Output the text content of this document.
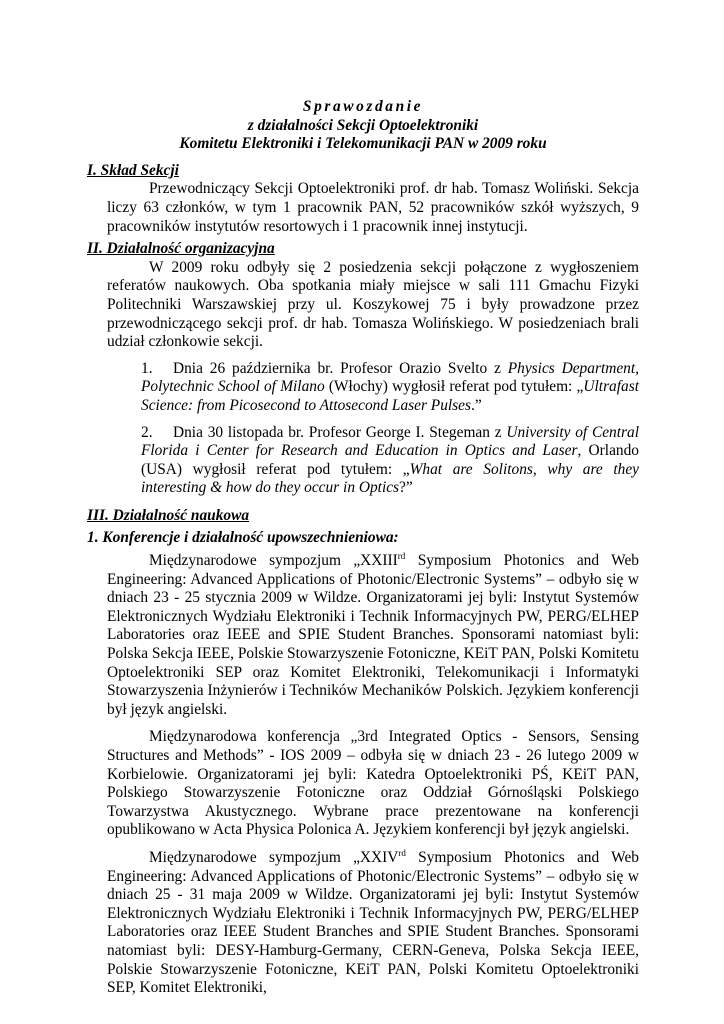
Sprawozdanie
z działalności Sekcji Optoelektroniki
Komitetu Elektroniki i Telekomunikacji PAN w 2009 roku
I. Skład Sekcji

Przewodniczący Sekcji Optoelektroniki prof. dr hab. Tomasz Woliński. Sekcja liczy 63 członków, w tym 1 pracownik PAN, 52 pracowników szkół wyższych, 9 pracowników instytutów resortowych i 1 pracownik innej instytucji.

II. Działalność organizacyjna

W 2009 roku odbyły się 2 posiedzenia sekcji połączone z wygłoszeniem referatów naukowych. Oba spotkania miały miejsce w sali 111 Gmachu Fizyki Politechniki Warszawskiej przy ul. Koszykowej 75 i były prowadzone przez przewodniczącego sekcji prof. dr hab. Tomasza Wolińskiego. W posiedzeniach brali udział członkowie sekcji.

1. Dnia 26 października br. Profesor Orazio Svelto z Physics Department, Polytechnic School of Milano (Włochy) wygłosił referat pod tytułem: „Ultrafast Science: from Picosecond to Attosecond Laser Pulses.”

2. Dnia 30 listopada br. Profesor George I. Stegeman z University of Central Florida i Center for Research and Education in Optics and Laser, Orlando (USA) wygłosił referat pod tytułem: „What are Solitons, why are they interesting & how do they occur in Optics?”

III. Działalność naukowa
1. Konferencje i działalność upowszechnieniowa:

Międzynarodowe sympozjum „XXIIIrd Symposium Photonics and Web Engineering: Advanced Applications of Photonic/Electronic Systems” – odbyło się w dniach 23 - 25 stycznia 2009 w Wildze. Organizatorami jej byli: Instytut Systemów Elektronicznych Wydziału Elektroniki i Technik Informacyjnych PW, PERG/ELHEP Laboratories oraz IEEE and SPIE Student Branches. Sponsorami natomiast byli: Polska Sekcja IEEE, Polskie Stowarzyszenie Fotoniczne, KEiT PAN, Polski Komitetu Optoelektroniki SEP oraz Komitet Elektroniki, Telekomunikacji i Informatyki Stowarzyszenia Inżynierów i Techników Mechaników Polskich. Językiem konferencji był język angielski.

Międzynarodowa konferencja „3rd Integrated Optics - Sensors, Sensing Structures and Methods” - IOS 2009 – odbyła się w dniach 23 - 26 lutego 2009 w Korbielowie. Organizatorami jej byli: Katedra Optoelektroniki PŚ, KEiT PAN, Polskiego Stowarzyszenie Fotoniczne oraz Oddział Górnośląski Polskiego Towarzystwa Akustycznego. Wybrane prace prezentowane na konferencji opublikowano w Acta Physica Polonica A. Językiem konferencji był język angielski.

Międzynarodowe sympozjum „XXIVrd Symposium Photonics and Web Engineering: Advanced Applications of Photonic/Electronic Systems” – odbyło się w dniach 25 - 31 maja 2009 w Wildze. Organizatorami jej byli: Instytut Systemów Elektronicznych Wydziału Elektroniki i Technik Informacyjnych PW, PERG/ELHEP Laboratories oraz IEEE Student Branches and SPIE Student Branches. Sponsorami natomiast byli: DESY-Hamburg-Germany, CERN-Geneva, Polska Sekcja IEEE, Polskie Stowarzyszenie Fotoniczne, KEiT PAN, Polski Komitetu Optoelektroniki SEP, Komitet Elektroniki,
